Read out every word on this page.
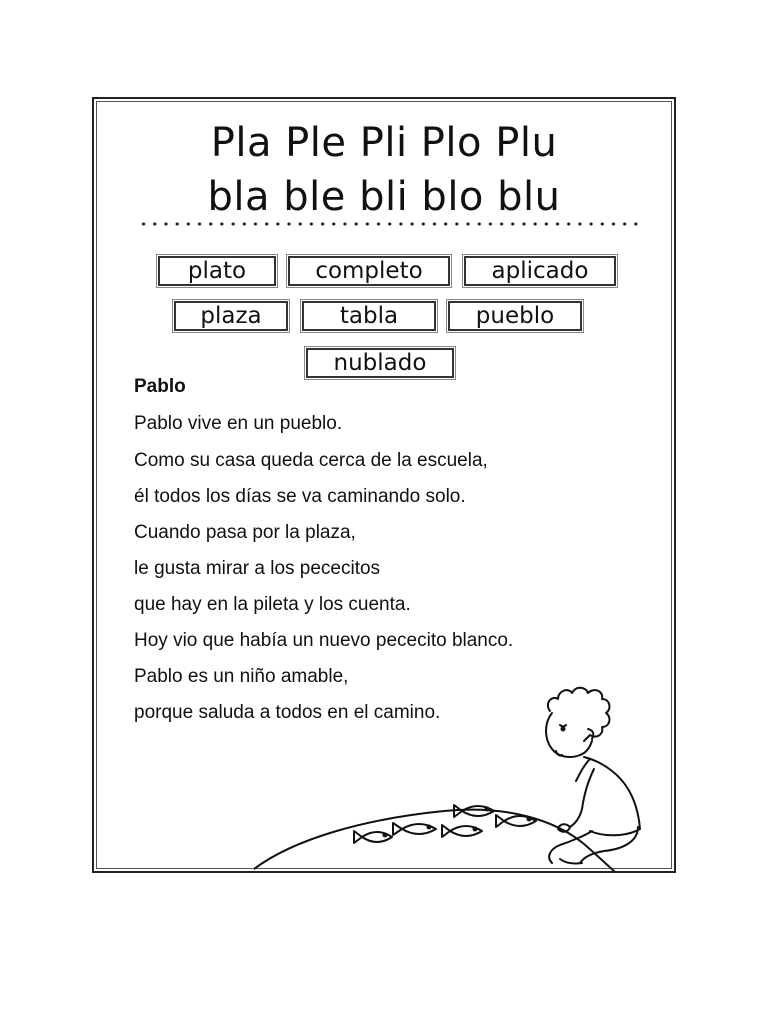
Pla Ple Pli Plo Plu
bla ble bli blo blu
plato	completo	aplicado
plaza	tabla	pueblo
nublado
Pablo
Pablo vive en un pueblo.
Como su casa queda cerca de la escuela,
él todos los días se va caminando solo.
Cuando pasa por la plaza,
le gusta mirar a los pececitos
que hay en la pileta y los cuenta.
Hoy vio que había un nuevo pececito blanco.
Pablo es un niño amable,
porque saluda a todos en el camino.
